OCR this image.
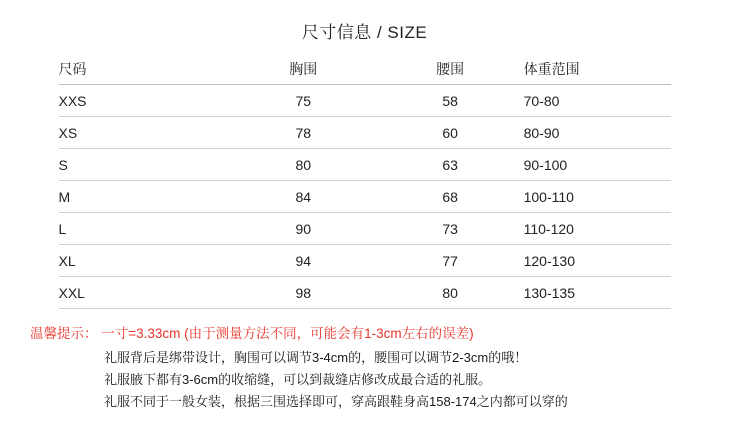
尺寸信息 / SIZE
尺码	胸围	腰围	体重范围
XXS	75	58	70-80
XS	78	60	80-90
S	80	63	90-100
M	84	68	100-110
L	90	73	110-120
XL	94	77	120-130
XXL	98	80	130-135
温馨提示： 一寸=3.33cm (由于测量方法不同，可能会有1-3cm左右的误差)
礼服背后是绑带设计，胸围可以调节3-4cm的，腰围可以调节2-3cm的哦！
礼服腋下都有3-6cm的收缩缝，可以到裁缝店修改成最合适的礼服。
礼服不同于一般女装，根据三围选择即可，穿高跟鞋身高158-174之内都可以穿的
